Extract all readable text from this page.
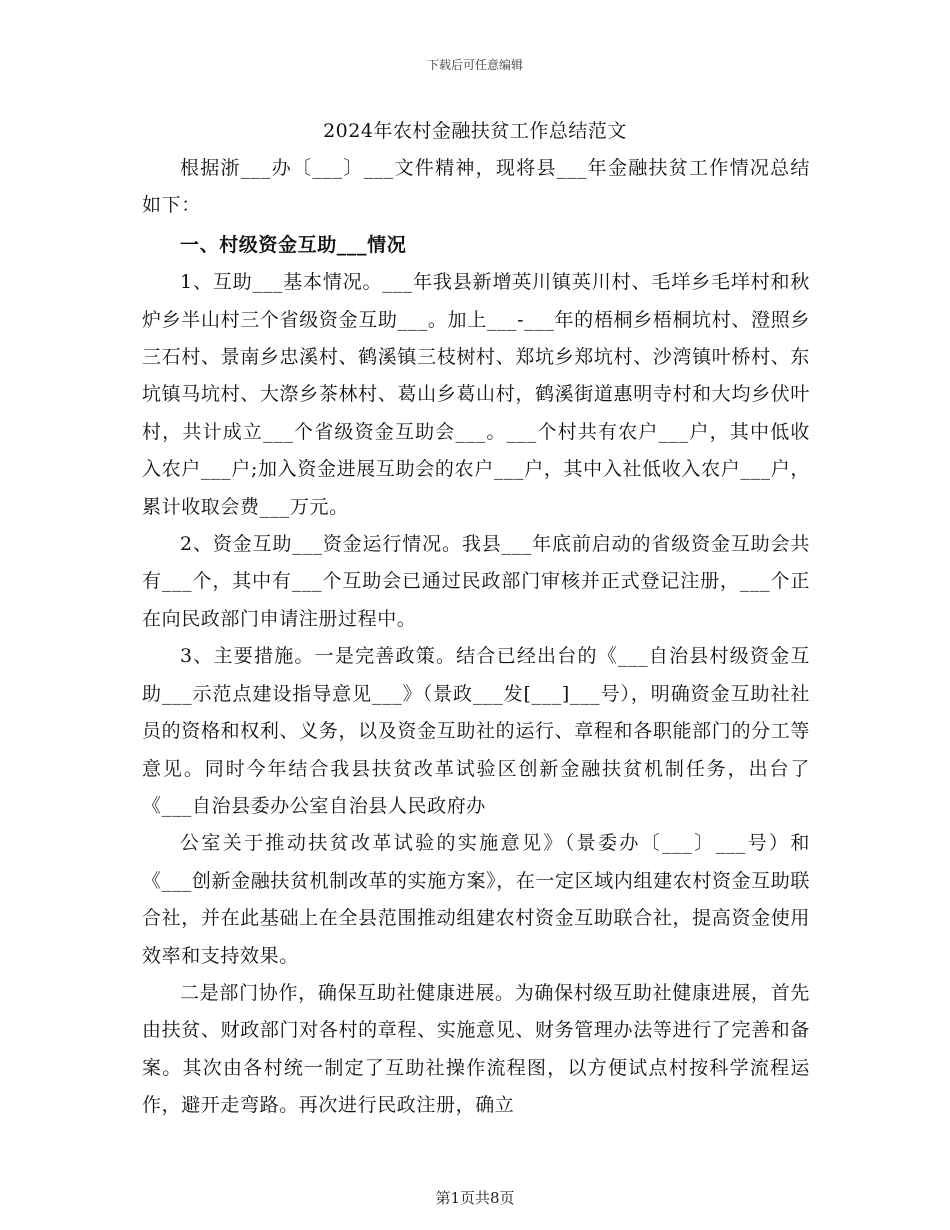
下载后可任意编辑
2024年农村金融扶贫工作总结范文

根据浙___办〔___〕___文件精神，现将县___年金融扶贫工作情况总结如下：

一、村级资金互助___情况

1、互助___基本情况。___年我县新增英川镇英川村、毛垟乡毛垟村和秋炉乡半山村三个省级资金互助___。加上___-___年的梧桐乡梧桐坑村、澄照乡三石村、景南乡忠溪村、鹤溪镇三枝树村、郑坑乡郑坑村、沙湾镇叶桥村、东坑镇马坑村、大漈乡茶林村、葛山乡葛山村，鹤溪街道惠明寺村和大均乡伏叶村，共计成立___个省级资金互助会___。___个村共有农户___户，其中低收入农户___户;加入资金进展互助会的农户___户，其中入社低收入农户___户，累计收取会费___万元。

2、资金互助___资金运行情况。我县___年底前启动的省级资金互助会共有___个，其中有___个互助会已通过民政部门审核并正式登记注册，___个正在向民政部门申请注册过程中。

3、主要措施。一是完善政策。结合已经出台的《___自治县村级资金互助___示范点建设指导意见___》（景政___发[___]___号），明确资金互助社社员的资格和权利、义务，以及资金互助社的运行、章程和各职能部门的分工等意见。同时今年结合我县扶贫改革试验区创新金融扶贫机制任务，出台了《___自治县委办公室自治县人民政府办

公室关于推动扶贫改革试验的实施意见》（景委办〔___〕___号）和《___创新金融扶贫机制改革的实施方案》，在一定区域内组建农村资金互助联合社，并在此基础上在全县范围推动组建农村资金互助联合社，提高资金使用效率和支持效果。

二是部门协作，确保互助社健康进展。为确保村级互助社健康进展，首先由扶贫、财政部门对各村的章程、实施意见、财务管理办法等进行了完善和备案。其次由各村统一制定了互助社操作流程图，以方便试点村按科学流程运作，避开走弯路。再次进行民政注册，确立

第1页共8页
